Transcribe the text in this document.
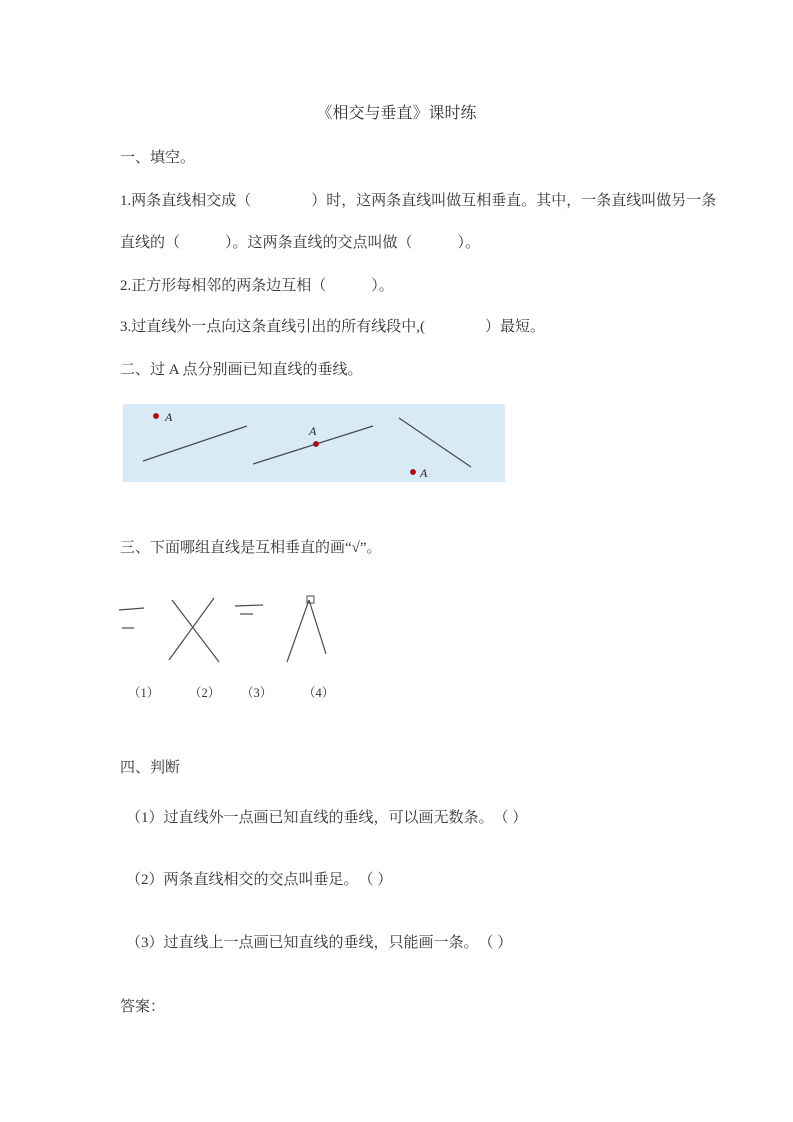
《相交与垂直》课时练
一、填空。
1.两条直线相交成（　　　　）时，这两条直线叫做互相垂直。其中，一条直线叫做另一条
直线的（　　　）。这两条直线的交点叫做（　　　）。
2.正方形每相邻的两条边互相（　　　）。
3.过直线外一点向这条直线引出的所有线段中,(　　　　）最短。
二、过 A 点分别画已知直线的垂线。
A
A
A
三、下面哪组直线是互相垂直的画“√”。
（1） （2） （3） （4）
四、判断
（1）过直线外一点画已知直线的垂线，可以画无数条。　（ ）
（2）两条直线相交的交点叫垂足。　（ ）
（3）过直线上一点画已知直线的垂线，只能画一条。　（ ）
答案：
